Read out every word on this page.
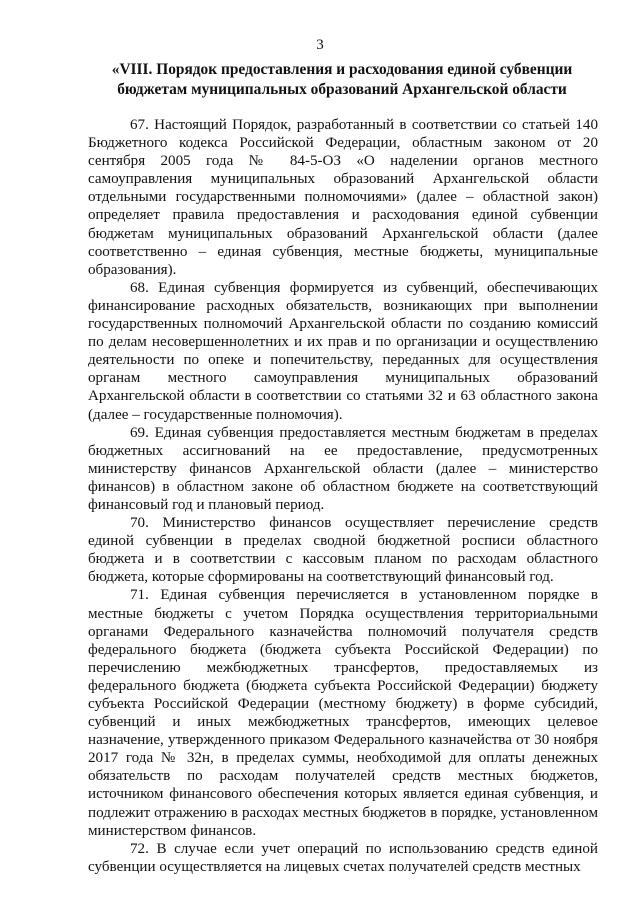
3
«VIII. Порядок предоставления и расходования единой субвенции бюджетам муниципальных образований Архангельской области

67. Настоящий Порядок, разработанный в соответствии со статьей 140 Бюджетного кодекса Российской Федерации, областным законом от 20 сентября 2005 года № 84-5-ОЗ «О наделении органов местного самоуправления муниципальных образований Архангельской области отдельными государственными полномочиями» (далее – областной закон) определяет правила предоставления и расходования единой субвенции бюджетам муниципальных образований Архангельской области (далее соответственно – единая субвенция, местные бюджеты, муниципальные образования).

68. Единая субвенция формируется из субвенций, обеспечивающих финансирование расходных обязательств, возникающих при выполнении государственных полномочий Архангельской области по созданию комиссий по делам несовершеннолетних и их прав и по организации и осуществлению деятельности по опеке и попечительству, переданных для осуществления органам местного самоуправления муниципальных образований Архангельской области в соответствии со статьями 32 и 63 областного закона (далее – государственные полномочия).

69. Единая субвенция предоставляется местным бюджетам в пределах бюджетных ассигнований на ее предоставление, предусмотренных министерству финансов Архангельской области (далее – министерство финансов) в областном законе об областном бюджете на соответствующий финансовый год и плановый период.

70. Министерство финансов осуществляет перечисление средств единой субвенции в пределах сводной бюджетной росписи областного бюджета и в соответствии с кассовым планом по расходам областного бюджета, которые сформированы на соответствующий финансовый год.

71. Единая субвенция перечисляется в установленном порядке в местные бюджеты с учетом Порядка осуществления территориальными органами Федерального казначейства полномочий получателя средств федерального бюджета (бюджета субъекта Российской Федерации) по перечислению межбюджетных трансфертов, предоставляемых из федерального бюджета (бюджета субъекта Российской Федерации) бюджету субъекта Российской Федерации (местному бюджету) в форме субсидий, субвенций и иных межбюджетных трансфертов, имеющих целевое назначение, утвержденного приказом Федерального казначейства от 30 ноября 2017 года № 32н, в пределах суммы, необходимой для оплаты денежных обязательств по расходам получателей средств местных бюджетов, источником финансового обеспечения которых является единая субвенция, и подлежит отражению в расходах местных бюджетов в порядке, установленном министерством финансов.

72. В случае если учет операций по использованию средств единой субвенции осуществляется на лицевых счетах получателей средств местных
